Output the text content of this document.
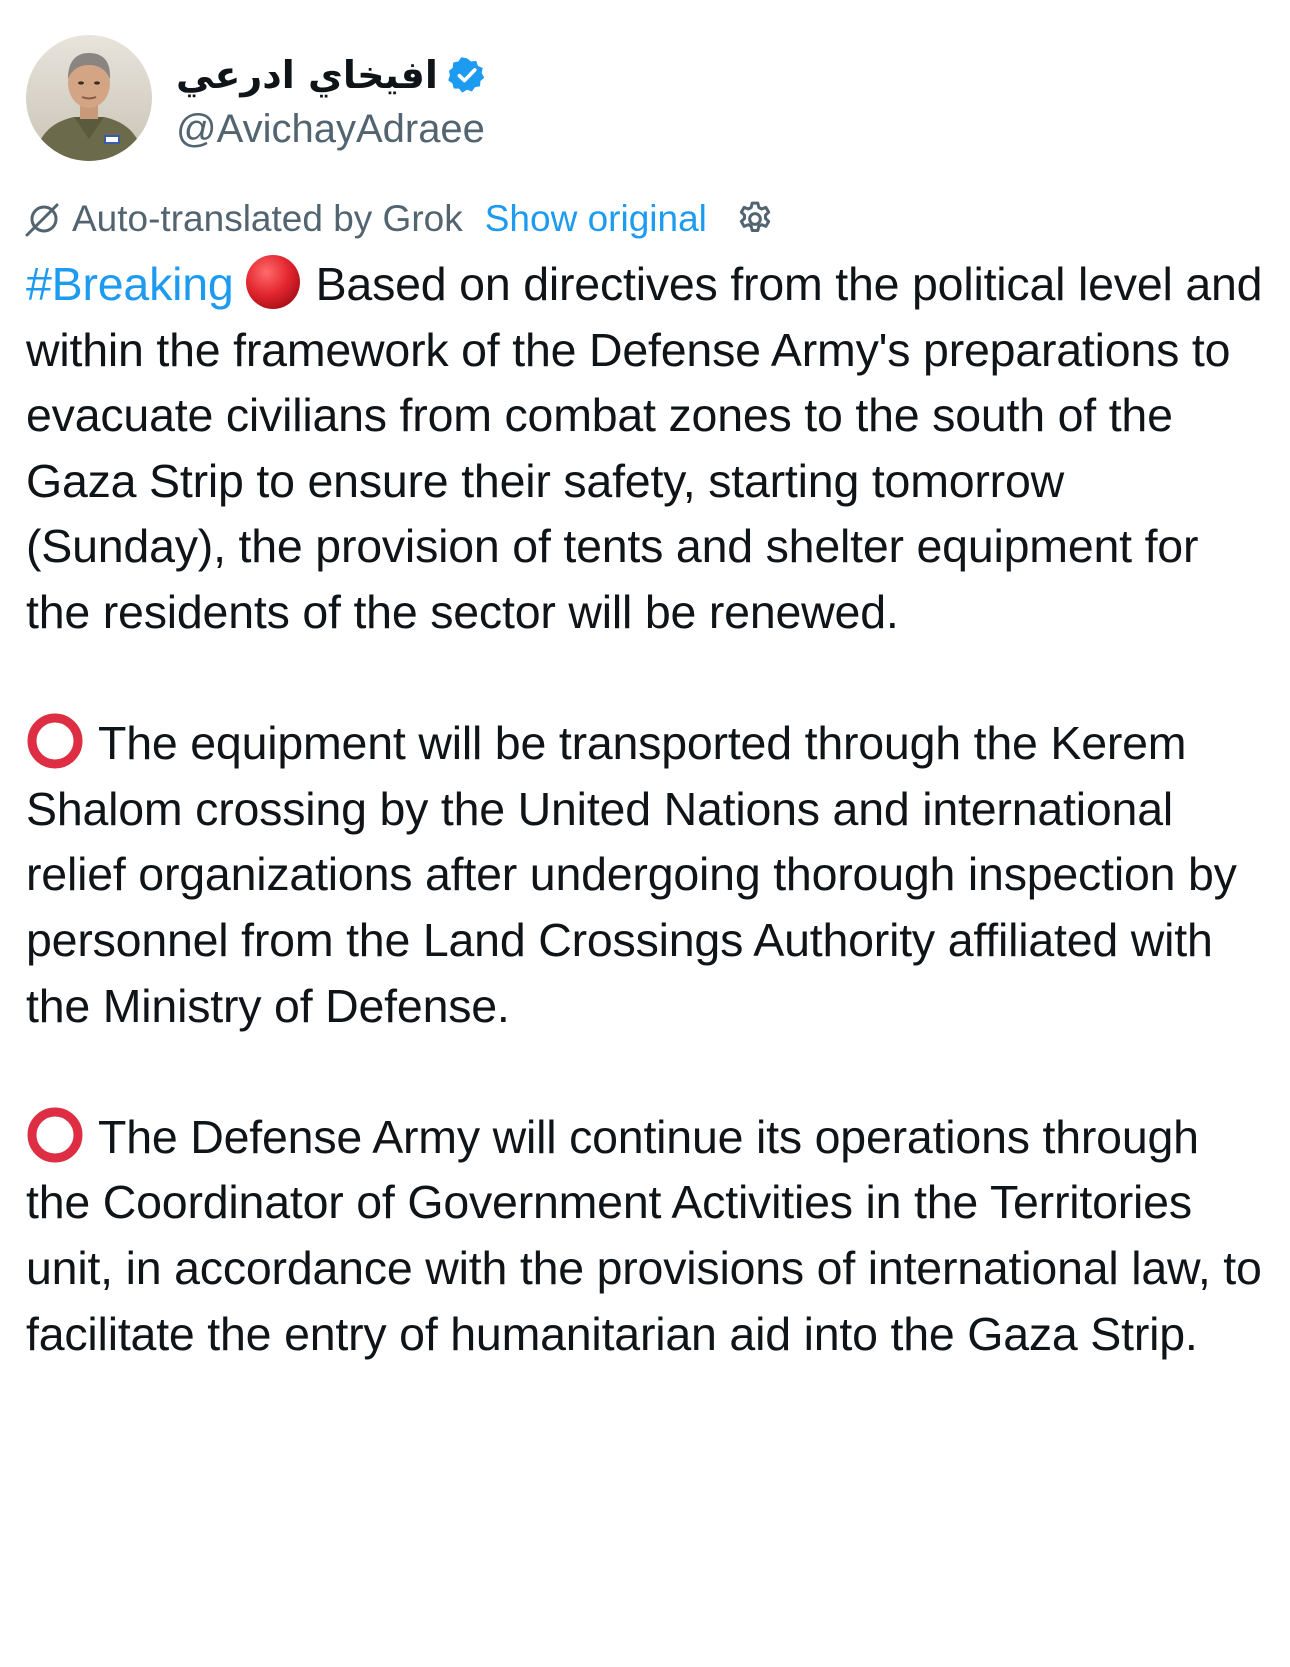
افيخاي ادرعي
@AvichayAdraee
Auto-translated by Grok Show original

#Breaking Based on directives from the political level and within the framework of the Defense Army's preparations to evacuate civilians from combat zones to the south of the Gaza Strip to ensure their safety, starting tomorrow (Sunday), the provision of tents and shelter equipment for the residents of the sector will be renewed.

The equipment will be transported through the Kerem Shalom crossing by the United Nations and international relief organizations after undergoing thorough inspection by personnel from the Land Crossings Authority affiliated with the Ministry of Defense.

The Defense Army will continue its operations through the Coordinator of Government Activities in the Territories unit, in accordance with the provisions of international law, to facilitate the entry of humanitarian aid into the Gaza Strip.
